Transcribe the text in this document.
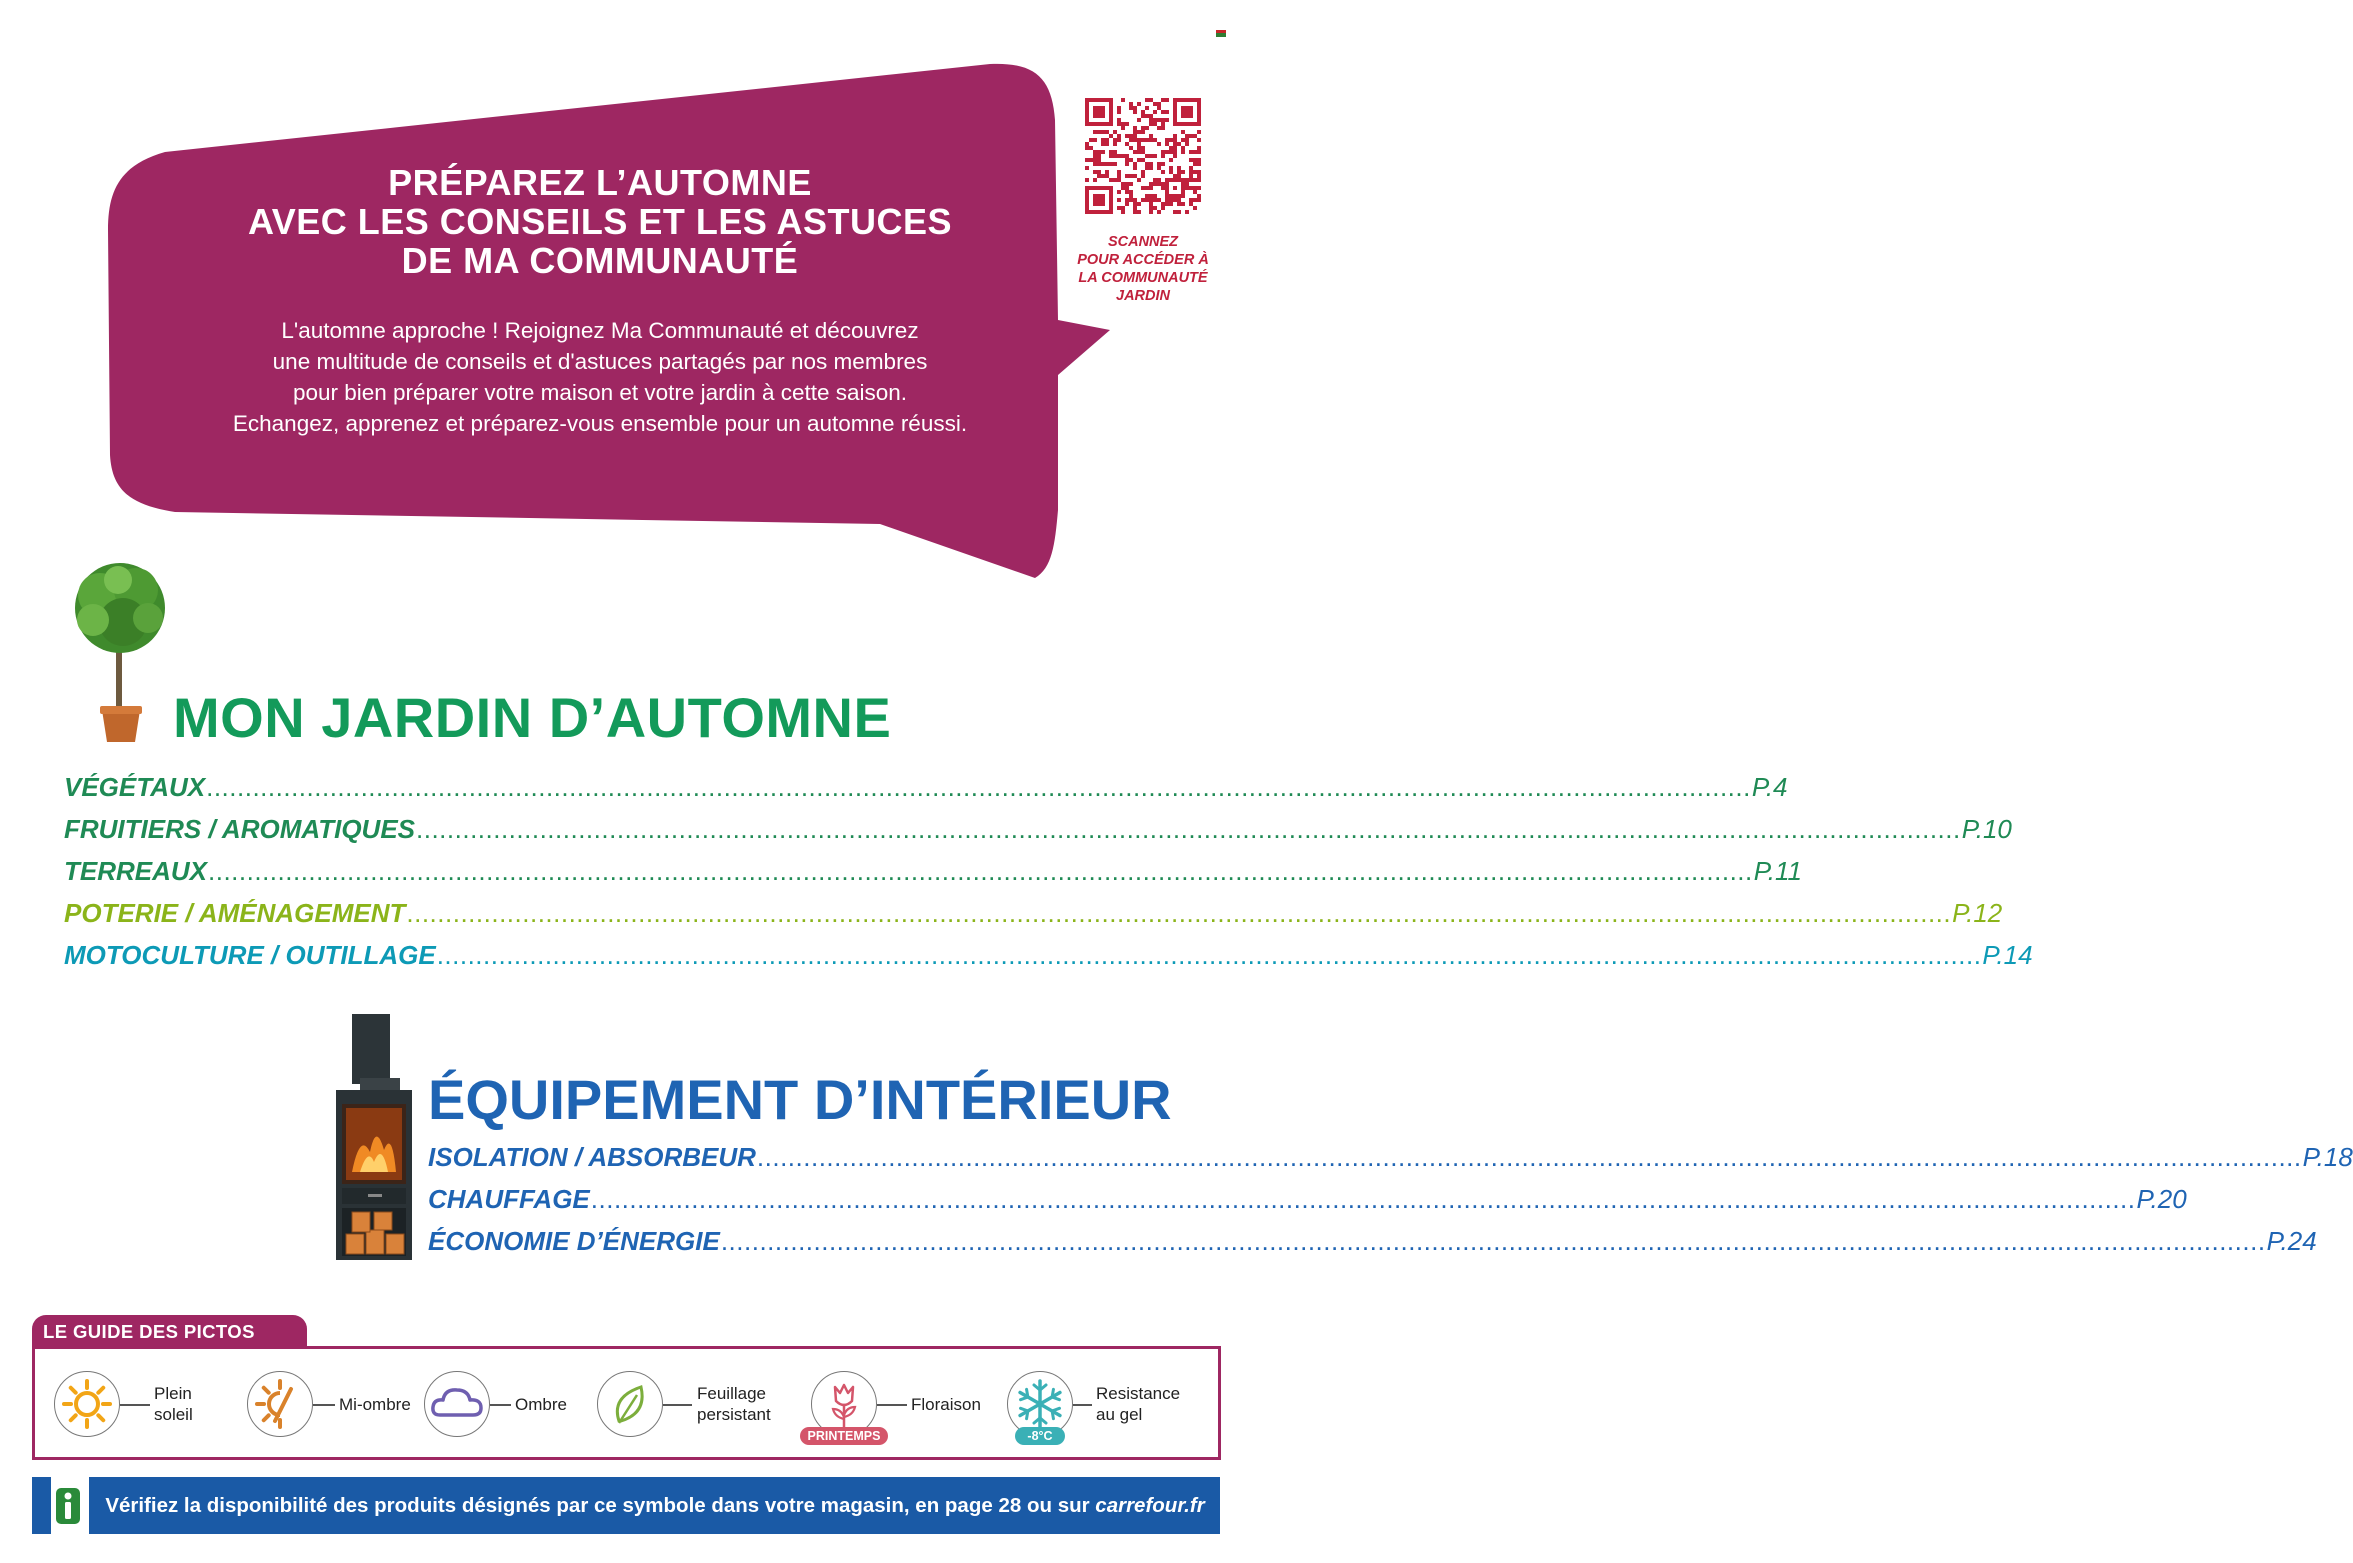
PRÉPAREZ L’AUTOMNE
AVEC LES CONSEILS ET LES ASTUCES
DE MA COMMUNAUTÉ
L'automne approche ! Rejoignez Ma Communauté et découvrez
une multitude de conseils et d'astuces partagés par nos membres
pour bien préparer votre maison et votre jardin à cette saison.
Echangez, apprenez et préparez-vous ensemble pour un automne réussi.
SCANNEZ
POUR ACCÉDER À
LA COMMUNAUTÉ
JARDIN
MON JARDIN D’AUTOMNE
VÉGÉTAUX ........................................................................................................................................................................................................ P.4
FRUITIERS / AROMATIQUES ........................................................................................................................................................................................................ P.10
TERREAUX ........................................................................................................................................................................................................ P.11
POTERIE / AMÉNAGEMENT ........................................................................................................................................................................................................ P.12
MOTOCULTURE / OUTILLAGE ........................................................................................................................................................................................................ P.14
ÉQUIPEMENT D’INTÉRIEUR
ISOLATION / ABSORBEUR ........................................................................................................................................................................................................ P.18
CHAUFFAGE ........................................................................................................................................................................................................ P.20
ÉCONOMIE D’ÉNERGIE ........................................................................................................................................................................................................ P.24
LE GUIDE DES PICTOS
Plein
soleil
Mi-ombre	Ombre
Feuillage
persistant
Floraison
PRINTEMPS
Resistance
au gel
-8°C
Vérifiez la disponibilité des produits désignés par ce symbole dans votre magasin, en page 28 ou sur carrefour.fr
